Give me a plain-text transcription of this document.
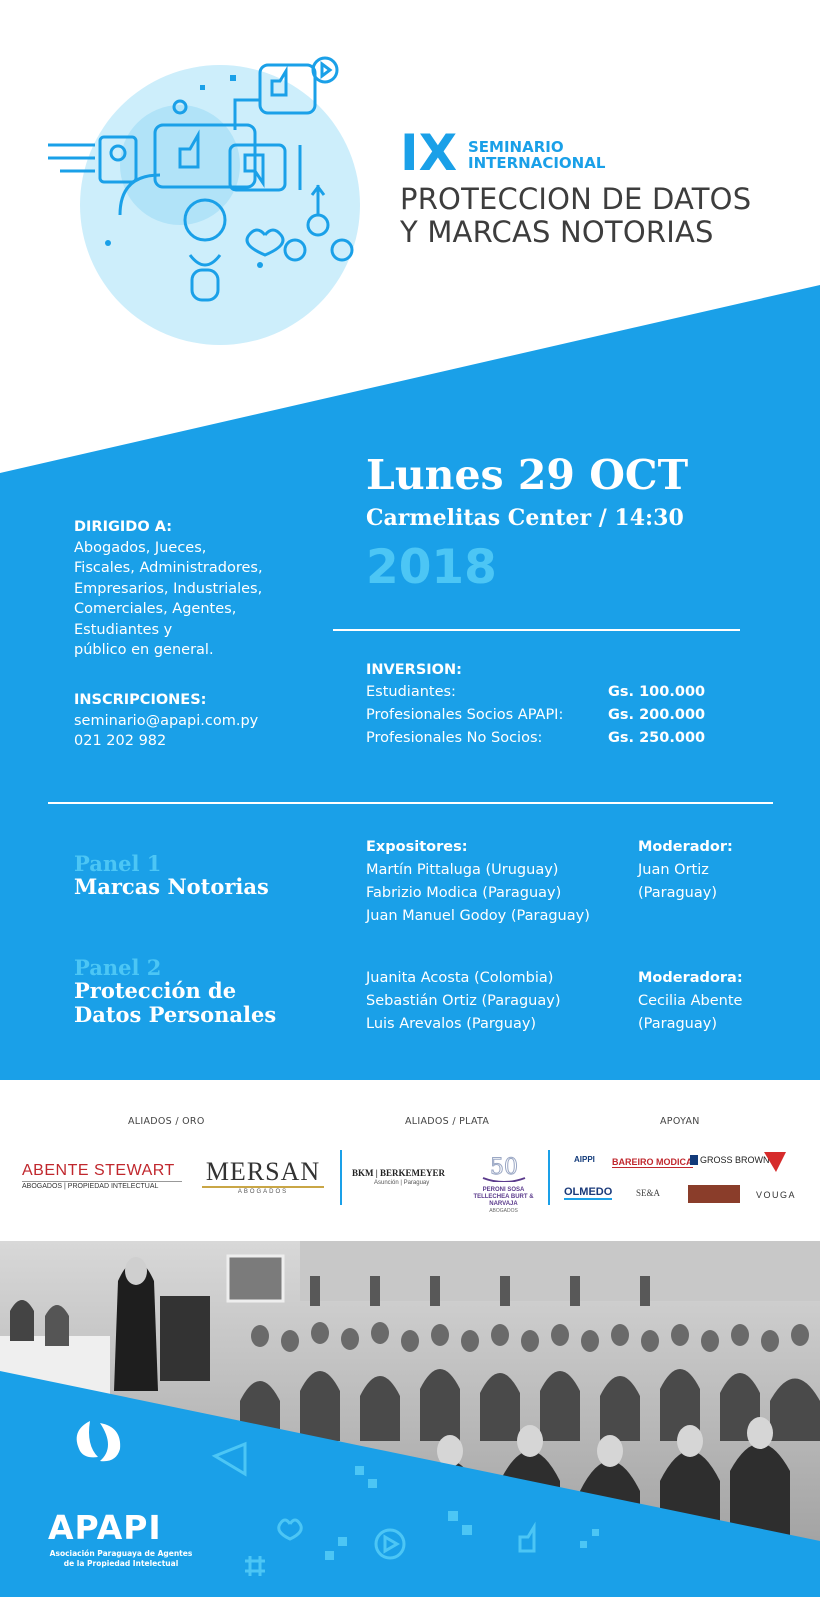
IX SEMINARIO
INTERNACIONAL
PROTECCION DE DATOS
Y MARCAS NOTORIAS
Lunes 29 OCT
Carmelitas Center / 14:30
2018
DIRIGIDO A:
Abogados, Jueces,
Fiscales, Administradores,
Empresarios, Industriales,
Comerciales, Agentes,
Estudiantes y
público en general.
INSCRIPCIONES:
seminario@apapi.com.py
021 202 982
INVERSION:
Estudiantes:	Gs. 100.000
Profesionales Socios APAPI:	Gs. 200.000
Profesionales No Socios:	Gs. 250.000
Panel 1
Marcas Notorias
Expositores:
Martín Pittaluga (Uruguay)
Fabrizio Modica (Paraguay)
Juan Manuel Godoy (Paraguay)
Moderador:
Juan Ortiz
(Paraguay)
Panel 2
Protección de
Datos Personales
Juanita Acosta (Colombia)
Sebastián Ortiz (Paraguay)
Luis Arevalos (Parguay)
Moderadora:
Cecilia Abente
(Paraguay)
ALIADOS / ORO	ALIADOS / PLATA	APOYAN
ABENTE STEWART
ABOGADOS | PROPIEDAD INTELECTUAL
MERSAN
ABOGADOS
BKM | BERKEMEYER
Asunción | Paraguay
50
PERONI SOSA TELLECHEA BURT & NARVAJA
ABOGADOS
AIPPI BAREIRO MODICA GROSS BROWN
OLMEDO	SE&A	VOUGA
APAPI
Asociación Paraguaya de Agentes
de la Propiedad Intelectual
